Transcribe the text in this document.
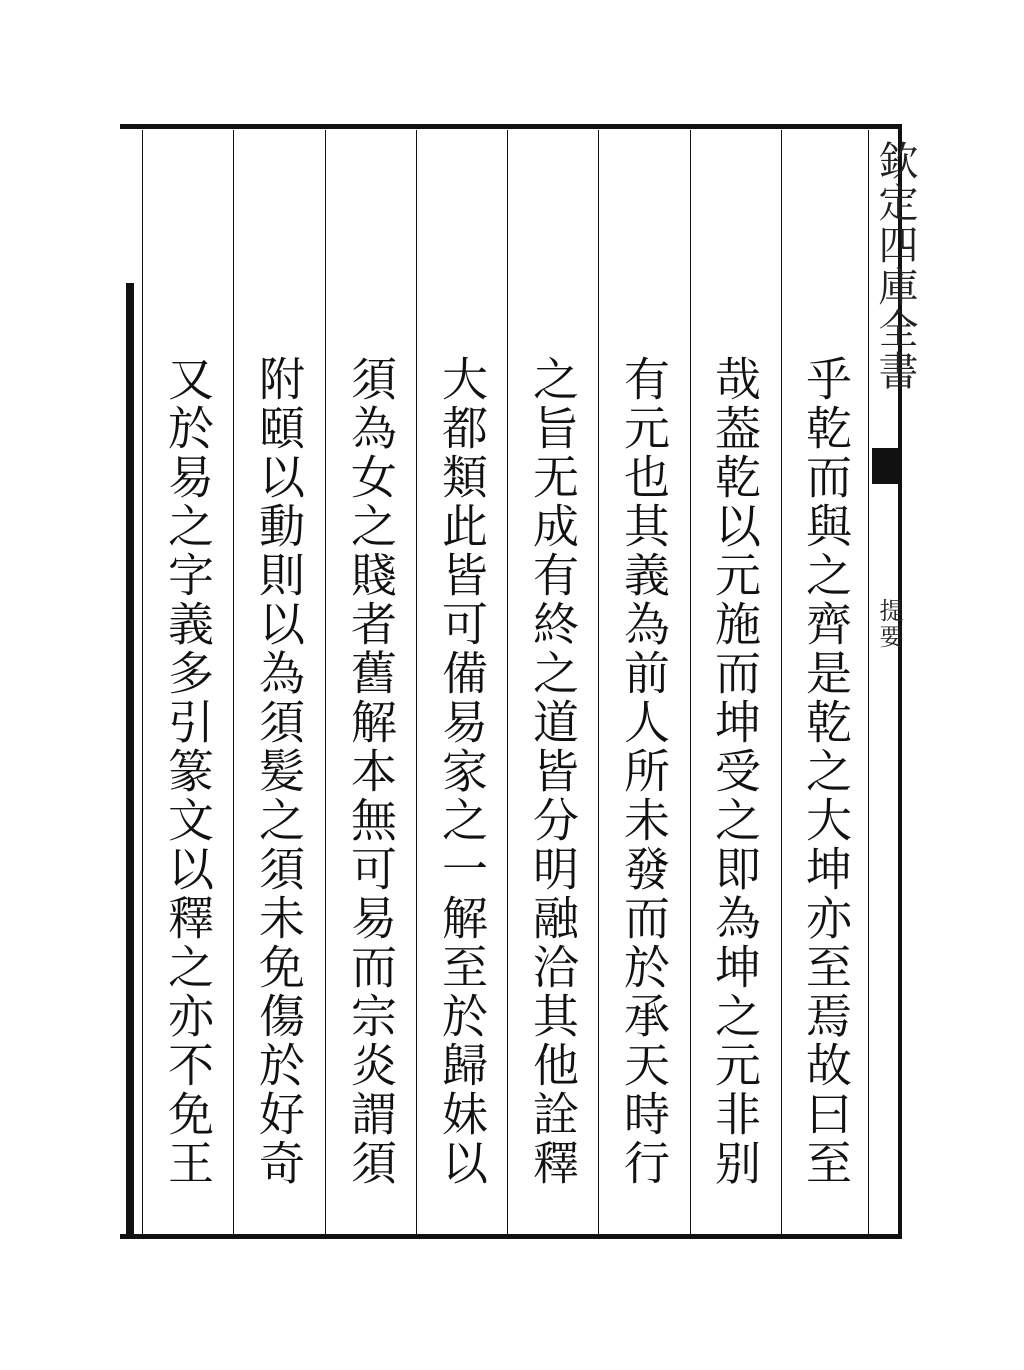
欽定四庫全書
提要
乎乾而與之齊是乾之大坤亦至焉故曰至
哉葢乾以元施而坤受之即為坤之元非别
有元也其義為前人所未發而於承天時行
之旨无成有終之道皆分明融洽其他詮釋
大都類此皆可備易家之一解至於歸妹以
須為女之賤者舊解本無可易而宗炎謂須
附頤以動則以為須髪之須未免傷於好奇
又於易之字義多引篆文以釋之亦不免王
